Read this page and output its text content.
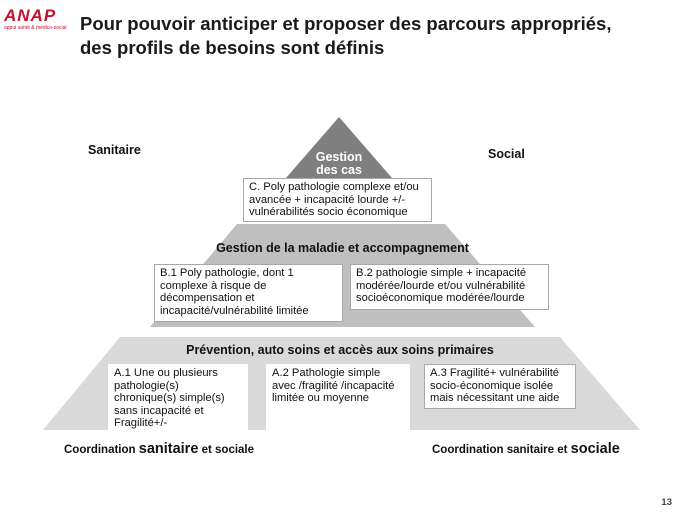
ANAP
appui santé & médico-social Pour pouvoir anticiper et proposer des parcours appropriés,
des profils de besoins sont définis
Sanitaire	Social
Gestion
des cas
C. Poly pathologie complexe et/ou avancée + incapacité lourde +/- vulnérabilités socio économique
Gestion de la maladie et accompagnement
B.1 Poly pathologie, dont 1 complexe à risque de décompensation et incapacité/vulnérabilité limitée
B.2 pathologie simple + incapacité modérée/lourde et/ou vulnérabilité socioéconomique modérée/lourde
Prévention, auto soins et accès aux soins primaires
A.1 Une ou plusieurs pathologie(s) chronique(s) simple(s) sans incapacité et Fragilité+/-
A.2 Pathologie simple avec /fragilité /incapacité limitée ou moyenne
A.3 Fragilité+ vulnérabilité socio-économique isolée mais nécessitant une aide
Coordination sanitaire et sociale	Coordination sanitaire et sociale
13
